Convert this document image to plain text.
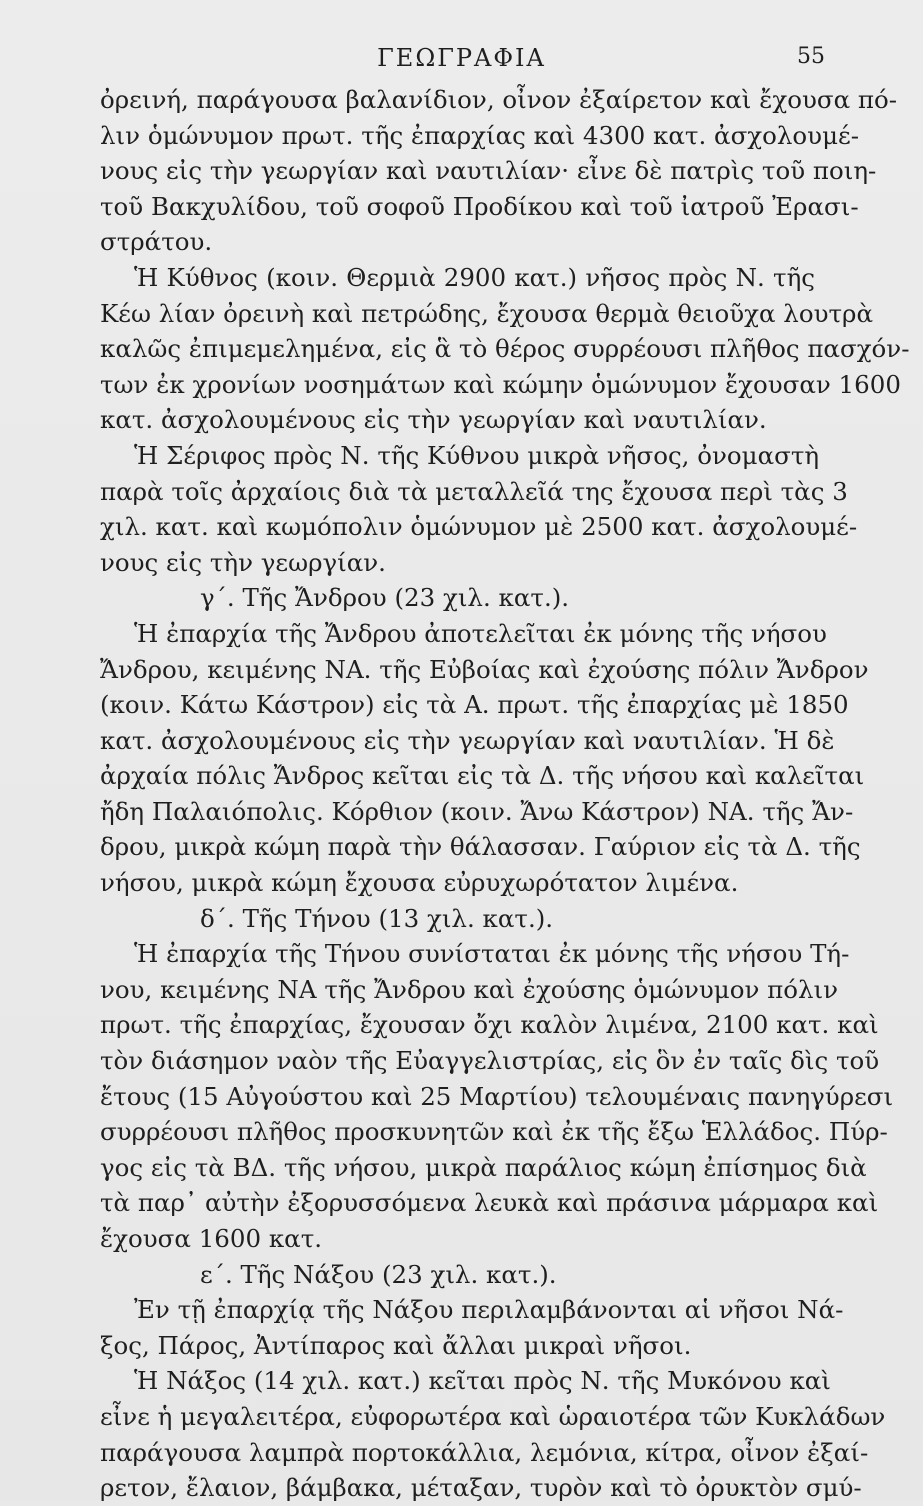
ΓΕΩΓΡΑΦΙΑ	55
ὀρεινή, παράγουσα βαλανίδιον, οἶνον ἐξαίρετον καὶ ἔχουσα πό-
λιν ὁμώνυμον πρωτ. τῆς ἐπαρχίας καὶ 4300 κατ. ἀσχολουμέ-
νους εἰς τὴν γεωργίαν καὶ ναυτιλίαν· εἶνε δὲ πατρὶς τοῦ ποιη-
τοῦ Βακχυλίδου, τοῦ σοφοῦ Προδίκου καὶ τοῦ ἰατροῦ Ἐρασι-
στράτου.
Ἡ Κύθνος (κοιν. Θερμιὰ 2900 κατ.) νῆσος πρὸς Ν. τῆς
Κέω λίαν ὀρεινὴ καὶ πετρώδης, ἔχουσα θερμὰ θειοῦχα λουτρὰ
καλῶς ἐπιμεμελημένα, εἰς ἃ τὸ θέρος συρρέουσι πλῆθος πασχόν-
των ἐκ χρονίων νοσημάτων καὶ κώμην ὁμώνυμον ἔχουσαν 1600
κατ. ἀσχολουμένους εἰς τὴν γεωργίαν καὶ ναυτιλίαν.
Ἡ Σέριφος πρὸς Ν. τῆς Κύθνου μικρὰ νῆσος, ὀνομαστὴ
παρὰ τοῖς ἀρχαίοις διὰ τὰ μεταλλεῖά της ἔχουσα περὶ τὰς 3
χιλ. κατ. καὶ κωμόπολιν ὁμώνυμον μὲ 2500 κατ. ἀσχολουμέ-
νους εἰς τὴν γεωργίαν.
γ΄. Τῆς Ἄνδρου (23 χιλ. κατ.).
Ἡ ἐπαρχία τῆς Ἄνδρου ἀποτελεῖται ἐκ μόνης τῆς νήσου
Ἄνδρου, κειμένης ΝΑ. τῆς Εὐβοίας καὶ ἐχούσης πόλιν Ἄνδρον
(κοιν. Κάτω Κάστρον) εἰς τὰ Α. πρωτ. τῆς ἐπαρχίας μὲ 1850
κατ. ἀσχολουμένους εἰς τὴν γεωργίαν καὶ ναυτιλίαν. Ἡ δὲ
ἀρχαία πόλις Ἄνδρος κεῖται εἰς τὰ Δ. τῆς νήσου καὶ καλεῖται
ἤδη Παλαιόπολις. Κόρθιον (κοιν. Ἄνω Κάστρον) ΝΑ. τῆς Ἄν-
δρου, μικρὰ κώμη παρὰ τὴν θάλασσαν. Γαύριον εἰς τὰ Δ. τῆς
νήσου, μικρὰ κώμη ἔχουσα εὐρυχωρότατον λιμένα.
δ΄. Τῆς Τήνου (13 χιλ. κατ.).
Ἡ ἐπαρχία τῆς Τήνου συνίσταται ἐκ μόνης τῆς νήσου Τή-
νου, κειμένης ΝΑ τῆς Ἄνδρου καὶ ἐχούσης ὁμώνυμον πόλιν
πρωτ. τῆς ἐπαρχίας, ἔχουσαν ὄχι καλὸν λιμένα, 2100 κατ. καὶ
τὸν διάσημον ναὸν τῆς Εὐαγγελιστρίας, εἰς ὃν ἐν ταῖς δὶς τοῦ
ἔτους (15 Αὐγούστου καὶ 25 Μαρτίου) τελουμέναις πανηγύρεσι
συρρέουσι πλῆθος προσκυνητῶν καὶ ἐκ τῆς ἔξω Ἑλλάδος. Πύρ-
γος εἰς τὰ ΒΔ. τῆς νήσου, μικρὰ παράλιος κώμη ἐπίσημος διὰ
τὰ παρ᾿ αὐτὴν ἐξορυσσόμενα λευκὰ καὶ πράσινα μάρμαρα καὶ
ἔχουσα 1600 κατ.
ε΄. Τῆς Νάξου (23 χιλ. κατ.).
Ἐν τῇ ἐπαρχίᾳ τῆς Νάξου περιλαμβάνονται αἱ νῆσοι Νά-
ξος, Πάρος, Ἀντίπαρος καὶ ἄλλαι μικραὶ νῆσοι.
Ἡ Νάξος (14 χιλ. κατ.) κεῖται πρὸς Ν. τῆς Μυκόνου καὶ
εἶνε ἡ μεγαλειτέρα, εὐφορωτέρα καὶ ὡραιοτέρα τῶν Κυκλάδων
παράγουσα λαμπρὰ πορτοκάλλια, λεμόνια, κίτρα, οἶνον ἐξαί-
ρετον, ἔλαιον, βάμβακα, μέταξαν, τυρὸν καὶ τὸ ὀρυκτὸν σμύ-
